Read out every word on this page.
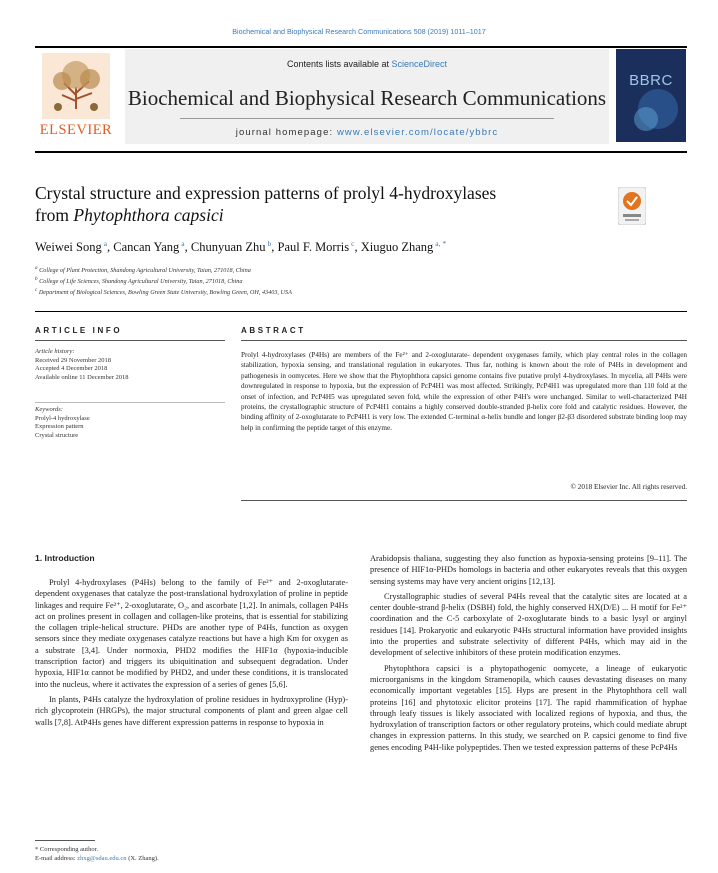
Biochemical and Biophysical Research Communications 508 (2019) 1011–1017
ELSEVIER
Contents lists available at ScienceDirect
Biochemical and Biophysical Research Communications
journal homepage: www.elsevier.com/locate/ybbrc
BBRC
Crystal structure and expression patterns of prolyl 4-hydroxylases
from Phytophthora capsici
Weiwei Song $^a$, Cancan Yang $^a$, Chunyuan Zhu $^b$, Paul F. Morris $^c$, Xiuguo Zhang $^{a, *}$
$^a$ College of Plant Protection, Shandong Agricultural University, Taian, 271018, China
$^b$ College of Life Sciences, Shandong Agricultural University, Taian, 271018, China
$^c$ Department of Biological Sciences, Bowling Green State University, Bowling Green, OH, 43403, USA
ARTICLE INFO
Article history:
Received 29 November 2018
Accepted 4 December 2018
Available online 11 December 2018
Keywords:
Prolyl-4 hydroxylase
Expression pattern
Crystal structure
ABSTRACT
Prolyl 4-hydroxylases (P4Hs) are members of the Fe²⁺ and 2-oxoglutarate- dependent oxygenases family, which play central roles in the collagen stabilization, hypoxia sensing, and translational regulation in eukaryotes. Thus far, nothing is known about the role of P4Hs in development and pathogenesis in oomycetes. Here we show that the Phytophthora capsici genome contains five putative prolyl 4-hydroxylases. In mycelia, all P4Hs were downregulated in response to hypoxia, but the expression of PcP4H1 was most affected. Strikingly, PcP4H1 was upregulated more than 110 fold at the onset of infection, and PcP4H5 was upregulated seven fold, while the expression of other P4H's were unchanged. Similar to well-characterized P4H proteins, the crystallographic structure of PcP4H1 contains a highly conserved double-stranded β-helix core fold and catalytic residues. However, the binding affinity of 2-oxoglutarate to PcP4H1 is very low. The extended C-terminal α-helix bundle and longer β2-β3 disordered substrate binding loop may help in confirming the peptide target of this enzyme.
© 2018 Elsevier Inc. All rights reserved.
1. Introduction

Prolyl 4-hydroxylases (P4Hs) belong to the family of Fe²⁺ and 2-oxoglutarate- dependent oxygenases that catalyze the post-translational hydroxylation of proline in peptide linkages and require Fe²⁺, 2-oxoglutarate, O₂, and ascorbate [1,2]. In animals, collagen P4Hs act on prolines present in collagen and collagen-like proteins, that is essential for stabilizing the collagen triple-helical structure. PHDs are another type of P4Hs, function as oxygen sensors since they mediate oxygenases catalyze reactions but have a high Km for oxygen as a substrate [3,4]. Under normoxia, PHD2 modifies the HIF1α (hypoxia-inducible transcription factor) and triggers its ubiquitination and subsequent degradation. Under hypoxia, HIF1α cannot be modified by PHD2, and under these conditions, it is translocated into the nucleus, where it activates the expression of a series of genes [5,6].

In plants, P4Hs catalyze the hydroxylation of proline residues in hydroxyproline (Hyp)-rich glycoprotein (HRGPs), the major structural components of plant and green algae cell walls [7,8]. AtP4Hs genes have different expression patterns in response to hypoxia in

Arabidopsis thaliana, suggesting they also function as hypoxia-sensing proteins [9–11]. The presence of HIF1α-PHDs homologs in bacteria and other eukaryotes reveals that this oxygen sensing systems may have very ancient origins [12,13].

Crystallographic studies of several P4Hs reveal that the catalytic sites are located at a center double-strand β-helix (DSBH) fold, the highly conserved HX(D/E) ... H motif for Fe²⁺ coordination and the C-5 carboxylate of 2-oxoglutarate binds to a basic lysyl or arginyl residues [14]. Prokaryotic and eukaryotic P4Hs structural information have provided insights into the properties and substrate selectivity of different P4Hs, which may aid in the development of selective inhibitors of these protein modification enzymes.

Phytophthora capsici is a phytopathogenic oomycete, a lineage of eukaryotic microorganisms in the kingdom Stramenopila, which causes devastating diseases on many economically important vegetables [15]. Hyps are present in the Phytophthora cell wall proteins [16] and phytotoxic elicitor proteins [17]. The rapid rhammification of hyphae through leafy tissues is likely associated with localized regions of hypoxia, and thus, the hydroxylation of transcription factors or other regulatory proteins, which could mediate abrupt changes in expression patterns. In this study, we searched on P. capsici genome to find five genes encoding P4H-like polypeptides. Then we tested expression patterns of these PcP4Hs

* Corresponding author.
E-mail address: zhxg@sdau.edu.cn (X. Zhang).
